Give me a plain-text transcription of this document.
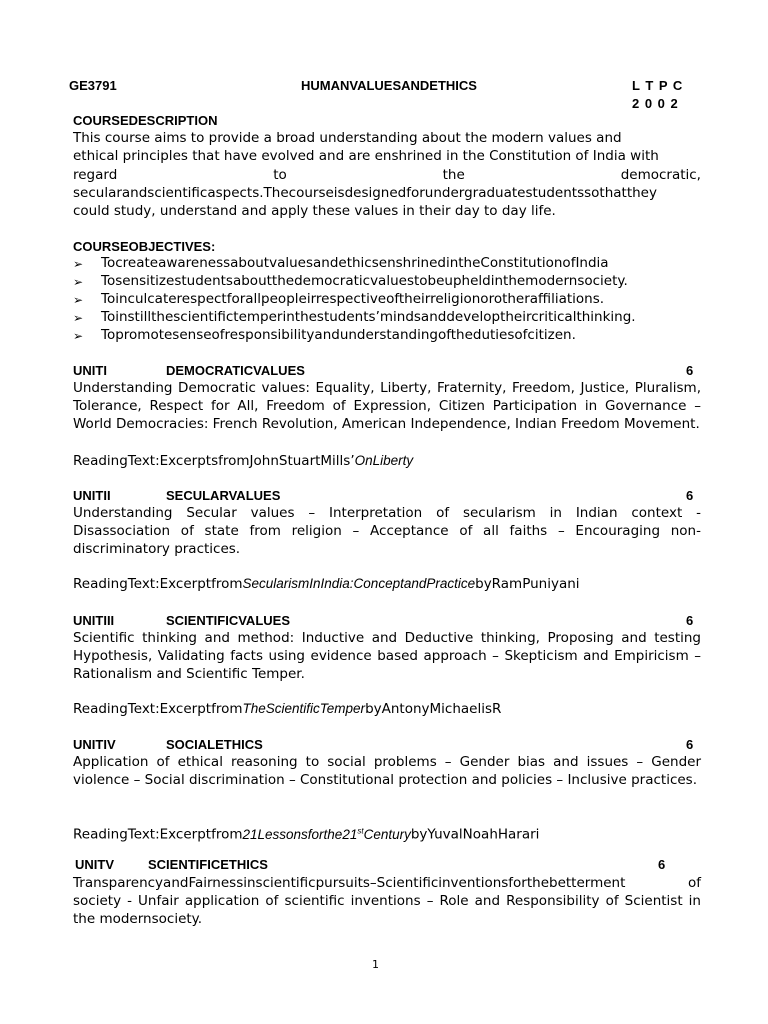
GE3791	HUMANVALUESANDETHICS	L T P C
2 0 0 2
COURSEDESCRIPTION
This course aims to provide a broad understanding about the modern values and
ethical principles that have evolved and are enshrined in the Constitution of India with
regard	to	the	democratic,
secularandscientificaspects.Thecourseisdesignedforundergraduatestudentssothatthey
could study, understand and apply these values in their day to day life.
COURSEOBJECTIVES:
➢ TocreateawarenessaboutvaluesandethicsenshrinedintheConstitutionofIndia
➢ Tosensitizestudentsaboutthedemocraticvaluestobeupheldinthemodernsociety.
➢ Toinculcaterespectforallpeopleirrespectiveoftheirreligionorotheraffiliations.
➢ Toinstillthescientifictemperinthestudents’mindsanddeveloptheircriticalthinking.
➢ Topromotesenseofresponsibilityandunderstandingofthedutiesofcitizen.
UNITI	DEMOCRATICVALUES	6
Understanding Democratic values: Equality, Liberty, Fraternity, Freedom, Justice, Pluralism, Tolerance, Respect for All, Freedom of Expression, Citizen Participation in Governance – World Democracies: French Revolution, American Independence, Indian Freedom Movement.
ReadingText:ExcerptsfromJohnStuartMills’OnLiberty
UNITII	SECULARVALUES	6
Understanding Secular values – Interpretation of secularism in Indian context - Disassociation of state from religion – Acceptance of all faiths – Encouraging non-discriminatory practices.
ReadingText:ExcerptfromSecularismInIndia:ConceptandPracticebyRamPuniyani
UNITIII	SCIENTIFICVALUES	6
Scientific thinking and method: Inductive and Deductive thinking, Proposing and testing Hypothesis, Validating facts using evidence based approach – Skepticism and Empiricism – Rationalism and Scientific Temper.
ReadingText:ExcerptfromTheScientificTemperbyAntonyMichaelisR
UNITIV	SOCIALETHICS	6
Application of ethical reasoning to social problems – Gender bias and issues – Gender violence – Social discrimination – Constitutional protection and policies – Inclusive practices.
ReadingText:Excerptfrom21Lessonsforthe21stCenturybyYuvalNoahHarari
UNITV	SCIENTIFICETHICS	6
TransparencyandFairnessinscientificpursuits–Scientificinventionsforthebetterment	of
society - Unfair application of scientific inventions – Role and Responsibility of Scientist in the modernsociety.
1
